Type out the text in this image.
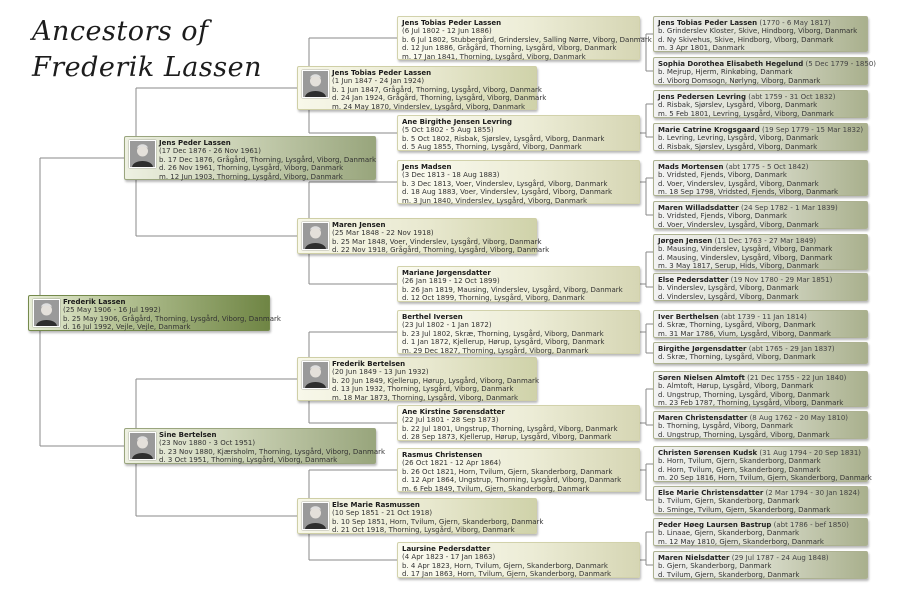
Ancestors of
Frederik Lassen
Frederik Lassen
(25 May 1906 - 16 Jul 1992)
b. 25 May 1906, Grågård, Thorning, Lysgård, Viborg, Danmark
d. 16 Jul 1992, Vejle, Vejle, Danmark
Jens Peder Lassen
(17 Dec 1876 - 26 Nov 1961)
b. 17 Dec 1876, Grågård, Thorning, Lysgård, Viborg, Danmark
d. 26 Nov 1961, Thorning, Lysgård, Viborg, Danmark
m. 12 Jun 1903, Thorning, Lysgård, Viborg, Danmark
Sine Bertelsen
(23 Nov 1880 - 3 Oct 1951)
b. 23 Nov 1880, Kjærsholm, Thorning, Lysgård, Viborg, Danmark
d. 3 Oct 1951, Thorning, Lysgård, Viborg, Danmark
Jens Tobias Peder Lassen
(1 Jun 1847 - 24 Jan 1924)
b. 1 Jun 1847, Grågård, Thorning, Lysgård, Viborg, Danmark
d. 24 Jan 1924, Grågård, Thorning, Lysgård, Viborg, Danmark
m. 24 May 1870, Vinderslev, Lysgård, Viborg, Danmark
Maren Jensen
(25 Mar 1848 - 22 Nov 1918)
b. 25 Mar 1848, Voer, Vinderslev, Lysgård, Viborg, Danmark
d. 22 Nov 1918, Grågård, Thorning, Lysgård, Viborg, Danmark
Frederik Bertelsen
(20 Jun 1849 - 13 Jun 1932)
b. 20 Jun 1849, Kjellerup, Hørup, Lysgård, Viborg, Danmark
d. 13 Jun 1932, Thorning, Lysgård, Viborg, Danmark
m. 18 Mar 1873, Thorning, Lysgård, Viborg, Danmark
Else Marie Rasmussen
(10 Sep 1851 - 21 Oct 1918)
b. 10 Sep 1851, Horn, Tvilum, Gjern, Skanderborg, Danmark
d. 21 Oct 1918, Thorning, Lysgård, Viborg, Danmark
Jens Tobias Peder Lassen
(6 Jul 1802 - 12 Jun 1886)
b. 6 Jul 1802, Stubbergård, Grinderslev, Salling Nørre, Viborg, Danmark
d. 12 Jun 1886, Grågård, Thorning, Lysgård, Viborg, Danmark
m. 17 Jan 1841, Thorning, Lysgård, Viborg, Danmark
Ane Birgithe Jensen Levring
(5 Oct 1802 - 5 Aug 1855)
b. 5 Oct 1802, Risbak, Sjørslev, Lysgård, Viborg, Danmark
d. 5 Aug 1855, Thorning, Lysgård, Viborg, Danmark
Jens Madsen
(3 Dec 1813 - 18 Aug 1883)
b. 3 Dec 1813, Voer, Vinderslev, Lysgård, Viborg, Danmark
d. 18 Aug 1883, Voer, Vinderslev, Lysgård, Viborg, Danmark
m. 3 Jun 1840, Vinderslev, Lysgård, Viborg, Danmark
Mariane Jørgensdatter
(26 Jan 1819 - 12 Oct 1899)
b. 26 Jan 1819, Mausing, Vinderslev, Lysgård, Viborg, Danmark
d. 12 Oct 1899, Thorning, Lysgård, Viborg, Danmark
Berthel Iversen
(23 Jul 1802 - 1 Jan 1872)
b. 23 Jul 1802, Skræ, Thorning, Lysgård, Viborg, Danmark
d. 1 Jan 1872, Kjellerup, Hørup, Lysgård, Viborg, Danmark
m. 29 Dec 1827, Thorning, Lysgård, Viborg, Danmark
Ane Kirstine Sørensdatter
(22 Jul 1801 - 28 Sep 1873)
b. 22 Jul 1801, Ungstrup, Thorning, Lysgård, Viborg, Danmark
d. 28 Sep 1873, Kjellerup, Hørup, Lysgård, Viborg, Danmark
Rasmus Christensen
(26 Oct 1821 - 12 Apr 1864)
b. 26 Oct 1821, Horn, Tvilum, Gjern, Skanderborg, Danmark
d. 12 Apr 1864, Ungstrup, Thorning, Lysgård, Viborg, Danmark
m. 6 Feb 1849, Tvilum, Gjern, Skanderborg, Danmark
Laursine Pedersdatter
(4 Apr 1823 - 17 Jan 1863)
b. 4 Apr 1823, Horn, Tvilum, Gjern, Skanderborg, Danmark
d. 17 Jan 1863, Horn, Tvilum, Gjern, Skanderborg, Danmark
Jens Tobias Peder Lassen (1770 - 6 May 1817)
b. Grinderslev Kloster, Skive, Hindborg, Viborg, Danmark
d. Ny Skivehus, Skive, Hindborg, Viborg, Danmark
m. 3 Apr 1801, Danmark
Sophia Dorothea Elisabeth Hegelund (5 Dec 1779 - 1850)
b. Mejrup, Hjerm, Rinkøbing, Danmark
d. Viborg Domsogn, Nørlyng, Viborg, Danmark
Jens Pedersen Levring (abt 1759 - 31 Oct 1832)
d. Risbak, Sjørslev, Lysgård, Viborg, Danmark
m. 5 Feb 1801, Levring, Lysgård, Viborg, Danmark
Marie Catrine Krogsgaard (19 Sep 1779 - 15 Mar 1832)
b. Levring, Levring, Lysgård, Viborg, Danmark
d. Risbak, Sjørslev, Lysgård, Viborg, Danmark
Mads Mortensen (abt 1775 - 5 Oct 1842)
b. Vridsted, Fjends, Viborg, Danmark
d. Voer, Vinderslev, Lysgård, Viborg, Danmark
m. 18 Sep 1798, Vridsted, Fjends, Viborg, Danmark
Maren Willadsdatter (24 Sep 1782 - 1 Mar 1839)
b. Vridsted, Fjends, Viborg, Danmark
d. Voer, Vinderslev, Lysgård, Viborg, Danmark
Jørgen Jensen (11 Dec 1763 - 27 Mar 1849)
b. Mausing, Vinderslev, Lysgård, Viborg, Danmark
d. Mausing, Vinderslev, Lysgård, Viborg, Danmark
m. 3 May 1817, Serup, Hids, Viborg, Danmark
Else Pedersdatter (19 Nov 1780 - 29 Mar 1851)
b. Vinderslev, Lysgård, Viborg, Danmark
d. Vinderslev, Lysgård, Viborg, Danmark
Iver Berthelsen (abt 1739 - 11 Jan 1814)
d. Skræ, Thorning, Lysgård, Viborg, Danmark
m. 31 Mar 1786, Vium, Lysgård, Viborg, Danmark
Birgithe Jørgensdatter (abt 1765 - 29 Jan 1837)
d. Skræ, Thorning, Lysgård, Viborg, Danmark
Søren Nielsen Almtoft (21 Dec 1755 - 22 Jun 1840)
b. Almtoft, Hørup, Lysgård, Viborg, Danmark
d. Ungstrup, Thorning, Lysgård, Viborg, Danmark
m. 23 Feb 1787, Thorning, Lysgård, Viborg, Danmark
Maren Christensdatter (8 Aug 1762 - 20 May 1810)
b. Thorning, Lysgård, Viborg, Danmark
d. Ungstrup, Thorning, Lysgård, Viborg, Danmark
Christen Sørensen Kudsk (31 Aug 1794 - 20 Sep 1831)
b. Horn, Tvilum, Gjern, Skanderborg, Danmark
d. Horn, Tvilum, Gjern, Skanderborg, Danmark
m. 20 Sep 1816, Horn, Tvilum, Gjern, Skanderborg, Danmark
Else Marie Christensdatter (2 Mar 1794 - 30 Jan 1824)
b. Tvilum, Gjern, Skanderborg, Danmark
b. Sminge, Tvilum, Gjern, Skanderborg, Danmark
Peder Høeg Laursen Bastrup (abt 1786 - bef 1850)
b. Linaae, Gjern, Skanderborg, Danmark
m. 12 May 1810, Gjern, Skanderborg, Danmark
Maren Nielsdatter (29 Jul 1787 - 24 Aug 1848)
b. Gjern, Skanderborg, Danmark
d. Tvilum, Gjern, Skanderborg, Danmark
